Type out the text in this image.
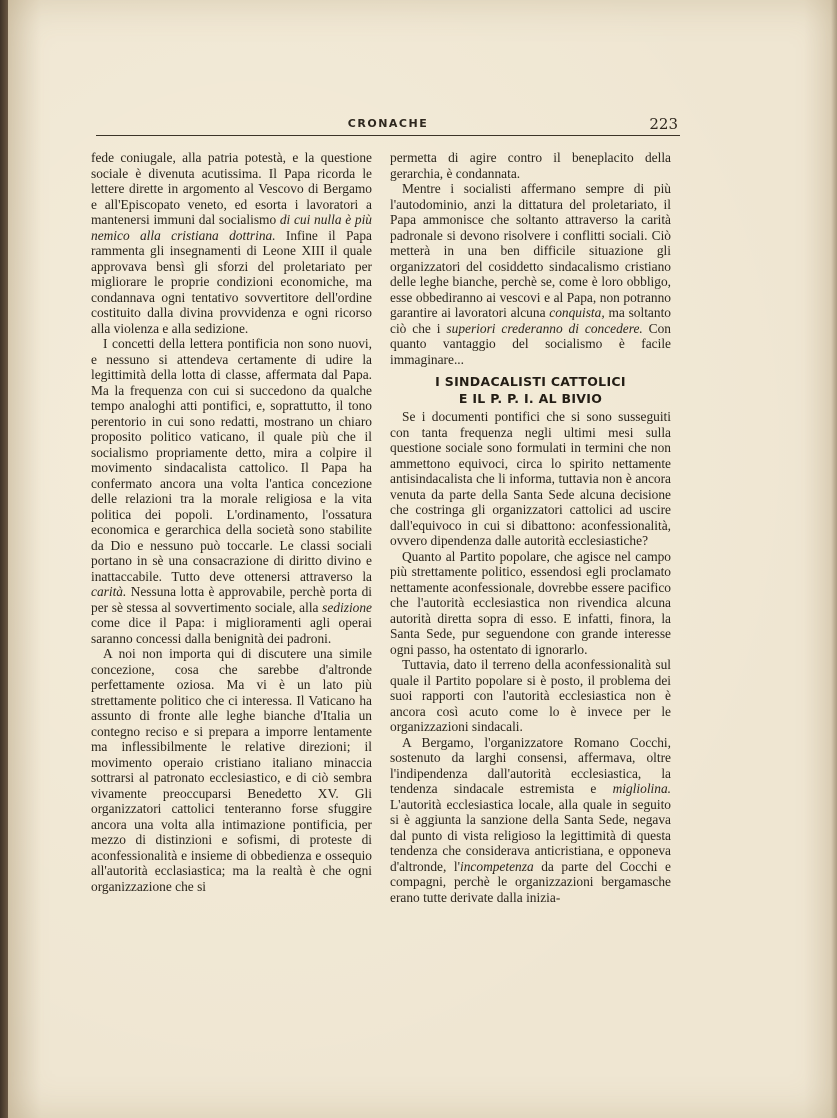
CRONACHE	223

fede coniugale, alla patria potestà, e la questione sociale è divenuta acutissima. Il Papa ricorda le lettere dirette in argomento al Vescovo di Bergamo e all'Episcopato veneto, ed esorta i lavoratori a mantenersi immuni dal socialismo di cui nulla è più nemico alla cristiana dottrina. Infine il Papa rammenta gli insegnamenti di Leone XIII il quale approvava bensì gli sforzi del proletariato per migliorare le proprie condizioni economiche, ma condannava ogni tentativo sovvertitore dell'ordine costituito dalla divina provvidenza e ogni ricorso alla violenza e alla sedizione.

I concetti della lettera pontificia non sono nuovi, e nessuno si attendeva certamente di udire la legittimità della lotta di classe, affermata dal Papa. Ma la frequenza con cui si succedono da qualche tempo analoghi atti pontifici, e, soprattutto, il tono perentorio in cui sono redatti, mostrano un chiaro proposito politico vaticano, il quale più che il socialismo propriamente detto, mira a colpire il movimento sindacalista cattolico. Il Papa ha confermato ancora una volta l'antica concezione delle relazioni tra la morale religiosa e la vita politica dei popoli. L'ordinamento, l'ossatura economica e gerarchica della società sono stabilite da Dio e nessuno può toccarle. Le classi sociali portano in sè una consacrazione di diritto divino e inattaccabile. Tutto deve ottenersi attraverso la carità. Nessuna lotta è approvabile, perchè porta di per sè stessa al sovvertimento sociale, alla sedizione come dice il Papa: i miglioramenti agli operai saranno concessi dalla benignità dei padroni.

A noi non importa qui di discutere una simile concezione, cosa che sarebbe d'altronde perfettamente oziosa. Ma vi è un lato più strettamente politico che ci interessa. Il Vaticano ha assunto di fronte alle leghe bianche d'Italia un contegno reciso e si prepara a imporre lentamente ma inflessibilmente le relative direzioni; il movimento operaio cristiano italiano minaccia sottrarsi al patronato ecclesiastico, e di ciò sembra vivamente preoccuparsi Benedetto XV. Gli organizzatori cattolici tenteranno forse sfuggire ancora una volta alla intimazione pontificia, per mezzo di distinzioni e sofismi, di proteste di aconfessionalità e insieme di obbedienza e ossequio all'autorità ecclasiastica; ma la realtà è che ogni organizzazione che si

permetta di agire contro il beneplacito della gerarchia, è condannata.

Mentre i socialisti affermano sempre di più l'autodominio, anzi la dittatura del proletariato, il Papa ammonisce che soltanto attraverso la carità padronale si devono risolvere i conflitti sociali. Ciò metterà in una ben difficile situazione gli organizzatori del cosiddetto sindacalismo cristiano delle leghe bianche, perchè se, come è loro obbligo, esse obbediranno ai vescovi e al Papa, non potranno garantire ai lavoratori alcuna conquista, ma soltanto ciò che i superiori crederanno di concedere. Con quanto vantaggio del socialismo è facile immaginare...

I SINDACALISTI CATTOLICI
E IL P. P. I. AL BIVIO

Se i documenti pontifici che si sono susseguiti con tanta frequenza negli ultimi mesi sulla questione sociale sono formulati in termini che non ammettono equivoci, circa lo spirito nettamente antisindacalista che li informa, tuttavia non è ancora venuta da parte della Santa Sede alcuna decisione che costringa gli organizzatori cattolici ad uscire dall'equivoco in cui si dibattono: aconfessionalità, ovvero dipendenza dalle autorità ecclesiastiche?

Quanto al Partito popolare, che agisce nel campo più strettamente politico, essendosi egli proclamato nettamente aconfessionale, dovrebbe essere pacifico che l'autorità ecclesiastica non rivendica alcuna autorità diretta sopra di esso. E infatti, finora, la Santa Sede, pur seguendone con grande interesse ogni passo, ha ostentato di ignorarlo.

Tuttavia, dato il terreno della aconfessionalità sul quale il Partito popolare si è posto, il problema dei suoi rapporti con l'autorità ecclesiastica non è ancora così acuto come lo è invece per le organizzazioni sindacali.

A Bergamo, l'organizzatore Romano Cocchi, sostenuto da larghi consensi, affermava, oltre l'indipendenza dall'autorità ecclesiastica, la tendenza sindacale estremista e migliolina. L'autorità ecclesiastica locale, alla quale in seguito si è aggiunta la sanzione della Santa Sede, negava dal punto di vista religioso la legittimità di questa tendenza che considerava anticristiana, e opponeva d'altronde, l'incompetenza da parte del Cocchi e compagni, perchè le organizzazioni bergamasche erano tutte derivate dalla inizia-
